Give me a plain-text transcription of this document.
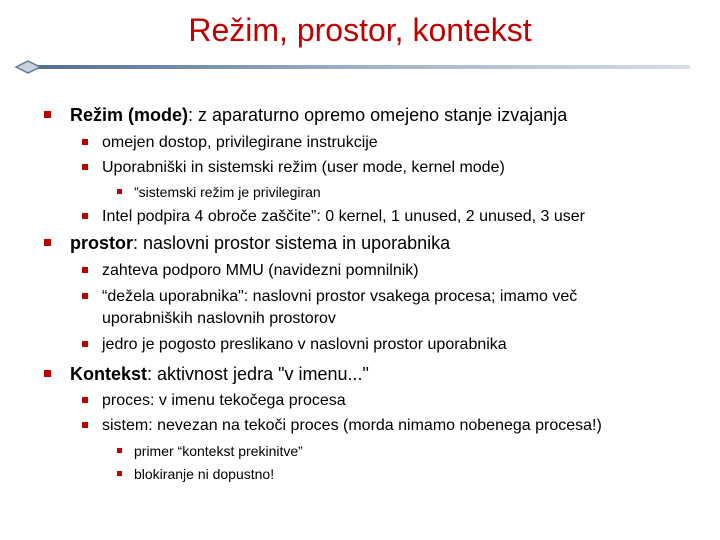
Režim, prostor, kontekst
Režim (mode): z aparaturno opremo omejeno stanje izvajanja
omejen dostop, privilegirane instrukcije
Uporabniški in sistemski režim (user mode, kernel mode)
”sistemski režim je privilegiran
Intel podpira 4 obroče zaščite”: 0 kernel, 1 unused, 2 unused, 3 user
prostor: naslovni prostor sistema in uporabnika
zahteva podporo MMU (navidezni pomnilnik)
“dežela uporabnika": naslovni prostor vsakega procesa; imamo več
uporabniških naslovnih prostorov
jedro je pogosto preslikano v naslovni prostor uporabnika
Kontekst: aktivnost jedra "v imenu..."
proces: v imenu tekočega procesa
sistem: nevezan na tekoči proces (morda nimamo nobenega procesa!)
primer “kontekst prekinitve”
blokiranje ni dopustno!
